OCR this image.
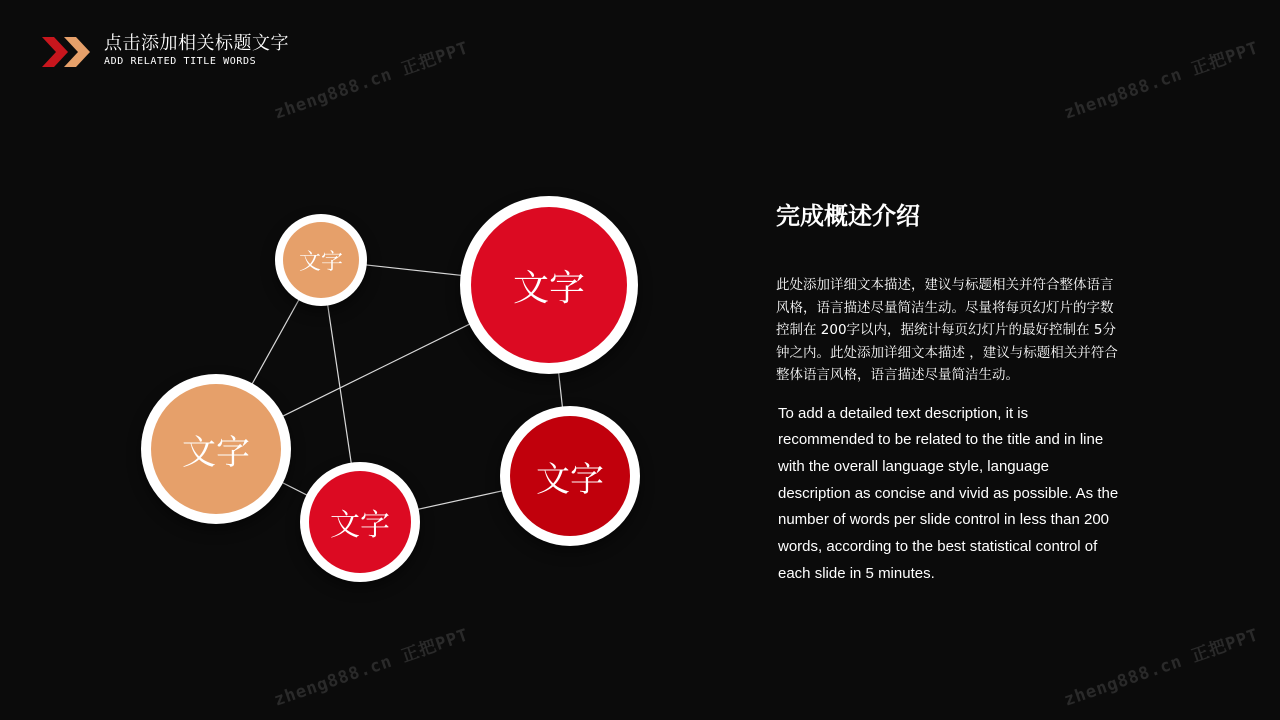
zheng888.cn 正把PPT	zheng888.cn 正把PPT
zheng888.cn 正把PPT	zheng888.cn 正把PPT
点击添加相关标题文字
ADD RELATED TITLE WORDS
文字
文字
文字
文字
文字
完成概述介绍
此处添加详细文本描述，建议与标题相关并符合整体语言风格，语言描述尽量简洁生动。尽量将每页幻灯片的字数控制在 200字以内，据统计每页幻灯片的最好控制在 5分钟之内。此处添加详细文本描述 ，建议与标题相关并符合整体语言风格，语言描述尽量简洁生动。
To add a detailed text description, it is recommended to be related to the title and in line with the overall language style, language description as concise and vivid as possible. As the number of words per slide control in less than 200 words, according to the best statistical control of each slide in 5 minutes.
